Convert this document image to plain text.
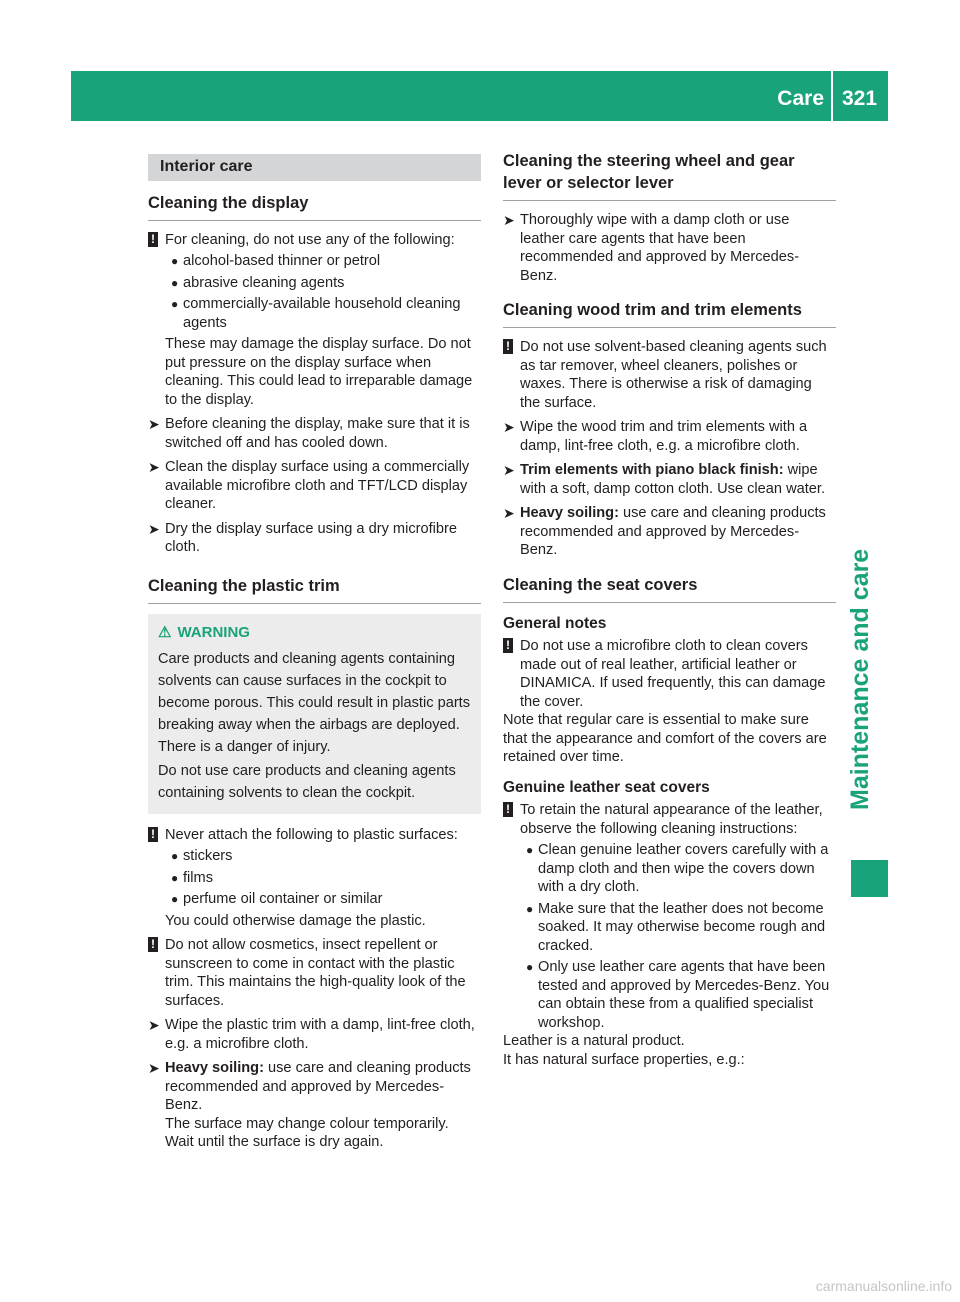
Care 321
Maintenance and care
Interior care
Cleaning the display
! For cleaning, do not use any of the following:

● alcohol-based thinner or petrol
● abrasive cleaning agents
● commercially-available household cleaning agents

These may damage the display surface. Do not put pressure on the display surface when cleaning. This could lead to irreparable damage to the display.

➤ Before cleaning the display, make sure that it is switched off and has cooled down.
➤ Clean the display surface using a commercially available microfibre cloth and TFT/LCD display cleaner.
➤ Dry the display surface using a dry microfibre cloth.
Cleaning the plastic trim
⚠ WARNING

Care products and cleaning agents containing solvents can cause surfaces in the cockpit to become porous. This could result in plastic parts breaking away when the airbags are deployed. There is a danger of injury.

Do not use care products and cleaning agents containing solvents to clean the cockpit.

! Never attach the following to plastic surfaces:

● stickers
● films
● perfume oil container or similar

You could otherwise damage the plastic.

! Do not allow cosmetics, insect repellent or sunscreen to come in contact with the plastic trim. This maintains the high-quality look of the surfaces.

➤ Wipe the plastic trim with a damp, lint-free cloth, e.g. a microfibre cloth.
➤ Heavy soiling: use care and cleaning products recommended and approved by Mercedes-Benz.

The surface may change colour temporarily. Wait until the surface is dry again.

Cleaning the steering wheel and gear lever or selector lever
➤ Thoroughly wipe with a damp cloth or use leather care agents that have been recommended and approved by Mercedes-Benz.
Cleaning wood trim and trim elements
! Do not use solvent-based cleaning agents such as tar remover, wheel cleaners, polishes or waxes. There is otherwise a risk of damaging the surface.

➤ Wipe the wood trim and trim elements with a damp, lint-free cloth, e.g. a microfibre cloth.
➤ Trim elements with piano black finish: wipe with a soft, damp cotton cloth. Use clean water.
➤ Heavy soiling: use care and cleaning products recommended and approved by Mercedes-Benz.
Cleaning the seat covers
General notes
! Do not use a microfibre cloth to clean covers made out of real leather, artificial leather or DINAMICA. If used frequently, this can damage the cover.

Note that regular care is essential to make sure that the appearance and comfort of the covers are retained over time.

Genuine leather seat covers
! To retain the natural appearance of the leather, observe the following cleaning instructions:

● Clean genuine leather covers carefully with a damp cloth and then wipe the covers down with a dry cloth.
● Make sure that the leather does not become soaked. It may otherwise become rough and cracked.
● Only use leather care agents that have been tested and approved by Mercedes-Benz. You can obtain these from a qualified specialist workshop.

Leather is a natural product.

It has natural surface properties, e.g.:

carmanualsonline.info
